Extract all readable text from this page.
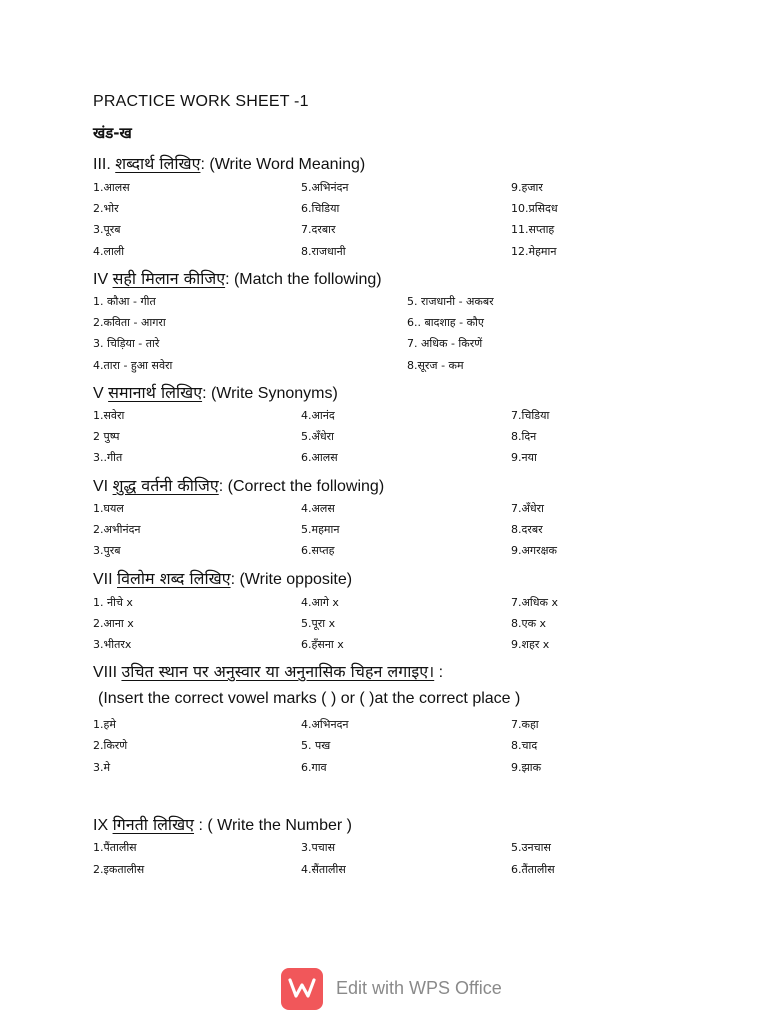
PRACTICE WORK SHEET -1
खंड-ख
III. शब्दार्थ लिखिए: (Write Word Meaning)
1.आलस	5.अभिनंदन	9.हजार
2.भोर	6.चिडिया	10.प्रसिदध
3.पूरब	7.दरबार	11.सप्ताह
4.लाली	8.राजधानी	12.मेहमान
IV सही मिलान कीजिए: (Match the following)
1. कौआ - गीत	5. राजधानी - अकबर
2.कविता - आगरा	6.. बादशाह - कौए
3. चिड़िया - तारे	7. अधिक - किरणें
4.तारा - हुआ सवेरा	8.सूरज - कम
V समानार्थ लिखिए: (Write Synonyms)
1.सवेरा	4.आनंद	7.चिडिया
2 पुष्प	5.अँधेरा	8.दिन
3..गीत	6.आलस	9.नया
VI शुद्ध वर्तनी कीजिए: (Correct the following)
1.घयल	4.अलस	7.अँधेरा
2.अभीनंदन	5.महमान	8.दरबर
3.पुरब	6.सप्तह	9.अगरक्षक
VII विलोम शब्द लिखिए: (Write opposite)
1. नीचे x	4.आगे x	7.अधिक x
2.आना x	5.पूरा x	8.एक x
3.भीतरx	6.हँसना x	9.शहर x
VIII उचित स्थान पर अनुस्वार या अनुनासिक चिहन लगाइए। :
(Insert the correct vowel marks ( ) or ( )at the correct place )
1.हमे	4.अभिनदन	7.कहा
2.किरणे	5. पख	8.चाद
3.मे	6.गाव	9.झाक
IX गिनती लिखिए : ( Write the Number )
1.पैंतालीस	3.पचास	5.उनचास
2.इकतालीस	4.सैंतालीस	6.तैंतालीस
Edit with WPS Office
